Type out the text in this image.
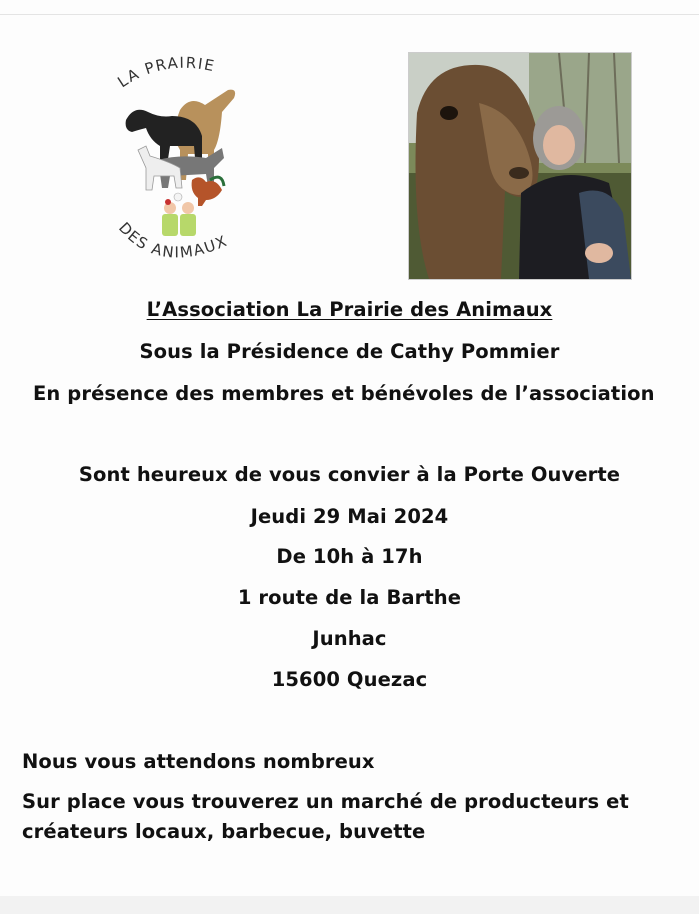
LA PRAIRIE
DES ANIMAUX
L’Association La Prairie des Animaux
Sous la Présidence de Cathy Pommier
En présence des membres et bénévoles de l’association
Sont heureux de vous convier à la Porte Ouverte
Jeudi 29 Mai 2024
De 10h à 17h
1 route de la Barthe
Junhac
15600 Quezac
Nous vous attendons nombreux
Sur place vous trouverez un marché de producteurs et
créateurs locaux, barbecue, buvette
